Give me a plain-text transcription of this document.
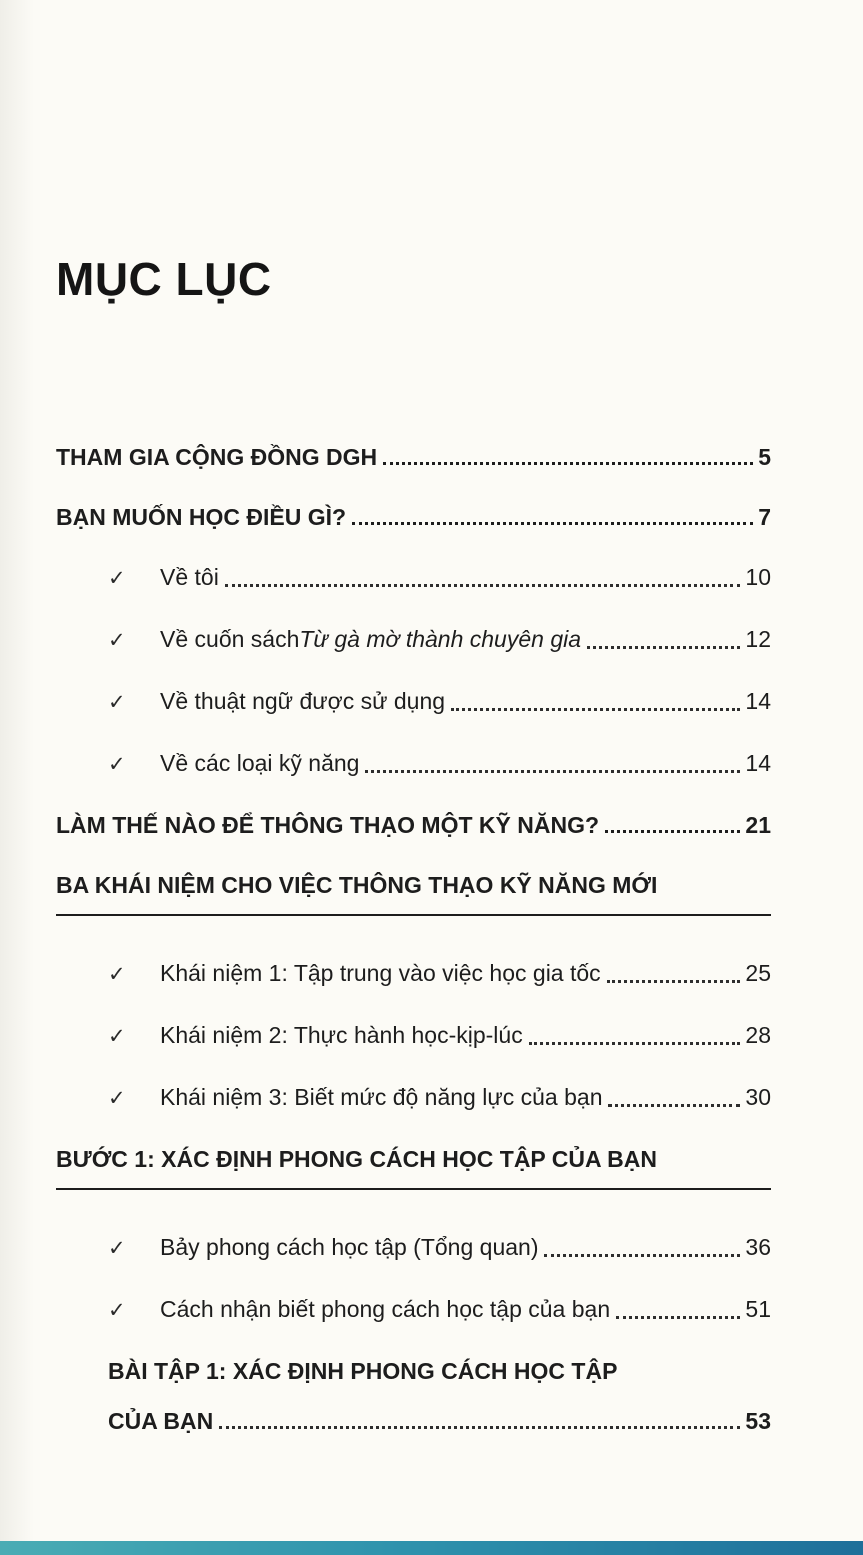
MỤC LỤC
THAM GIA CỘNG ĐỒNG DGH	5
BẠN MUỐN HỌC ĐIỀU GÌ?	7
✓	Về tôi	10
✓	Về cuốn sách Từ gà mờ thành chuyên gia	12
✓	Về thuật ngữ được sử dụng	14
✓	Về các loại kỹ năng	14
LÀM THẾ NÀO ĐỂ THÔNG THẠO MỘT KỸ NĂNG?	21
BA KHÁI NIỆM CHO VIỆC THÔNG THẠO KỸ NĂNG MỚI
✓	Khái niệm 1: Tập trung vào việc học gia tốc	25
✓	Khái niệm 2: Thực hành học-kịp-lúc	28
✓	Khái niệm 3: Biết mức độ năng lực của bạn	30
BƯỚC 1: XÁC ĐỊNH PHONG CÁCH HỌC TẬP CỦA BẠN
✓	Bảy phong cách học tập (Tổng quan)	36
✓	Cách nhận biết phong cách học tập của bạn	51
BÀI TẬP 1: XÁC ĐỊNH PHONG CÁCH HỌC TẬP
CỦA BẠN	53
